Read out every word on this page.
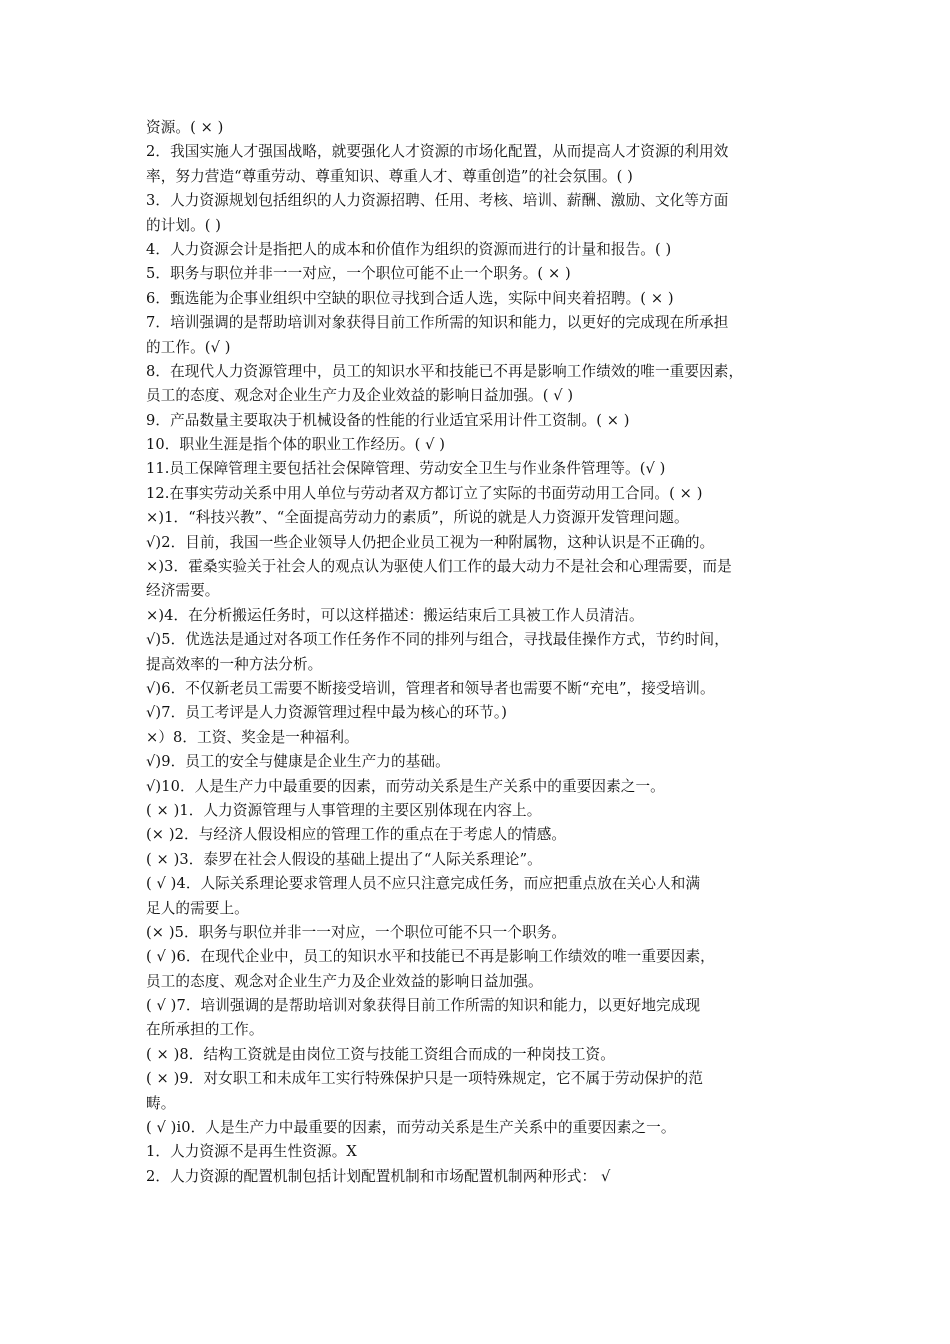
资源。( × )
2．我国实施人才强国战略，就要强化人才资源的市场化配置，从而提高人才资源的利用效
率，努力营造“尊重劳动、尊重知识、尊重人才、尊重创造”的社会氛围。( )
3．人力资源规划包括组织的人力资源招聘、任用、考核、培训、薪酬、激励、文化等方面
的计划。( )
4．人力资源会计是指把人的成本和价值作为组织的资源而进行的计量和报告。( )
5．职务与职位并非一一对应，一个职位可能不止一个职务。( × )
6．甄选能为企事业组织中空缺的职位寻找到合适人选，实际中间夹着招聘。( × )
7．培训强调的是帮助培训对象获得目前工作所需的知识和能力，以更好的完成现在所承担
的工作。(√ )
8．在现代人力资源管理中，员工的知识水平和技能已不再是影响工作绩效的唯一重要因素，
员工的态度、观念对企业生产力及企业效益的影响日益加强。( √ )
9．产品数量主要取决于机械设备的性能的行业适宜采用计件工资制。( × )
10．职业生涯是指个体的职业工作经历。( √ )
11.员工保障管理主要包括社会保障管理、劳动安全卫生与作业条件管理等。(√ )
12.在事实劳动关系中用人单位与劳动者双方都订立了实际的书面劳动用工合同。( × )
×)1．“科技兴教”、“全面提高劳动力的素质”，所说的就是人力资源开发管理问题。
√)2．目前，我国一些企业领导人仍把企业员工视为一种附属物，这种认识是不正确的。
×)3．霍桑实验关于社会人的观点认为驱使人们工作的最大动力不是社会和心理需要，而是
经济需要。
×)4．在分析搬运任务时，可以这样描述：搬运结束后工具被工作人员清洁。
√)5．优选法是通过对各项工作任务作不同的排列与组合，寻找最佳操作方式，节约时间，
提高效率的一种方法分析。
√)6．不仅新老员工需要不断接受培训，管理者和领导者也需要不断“充电”，接受培训。
√)7．员工考评是人力资源管理过程中最为核心的环节。)
×）8．工资、奖金是一种福利。
√)9．员工的安全与健康是企业生产力的基础。
√)10．人是生产力中最重要的因素，而劳动关系是生产关系中的重要因素之一。
( × )1．人力资源管理与人事管理的主要区别体现在内容上。
(× )2．与经济人假设相应的管理工作的重点在于考虑人的情感。
( × )3．泰罗在社会人假设的基础上提出了“人际关系理论”。
( √ )4．人际关系理论要求管理人员不应只注意完成任务，而应把重点放在关心人和满
足人的需要上。
(× )5．职务与职位并非一一对应，一个职位可能不只一个职务。
( √ )6．在现代企业中，员工的知识水平和技能已不再是影响工作绩效的唯一重要因素，
员工的态度、观念对企业生产力及企业效益的影响日益加强。
( √ )7．培训强调的是帮助培训对象获得目前工作所需的知识和能力，以更好地完成现
在所承担的工作。
( × )8．结构工资就是由岗位工资与技能工资组合而成的一种岗技工资。
( × )9．对女职工和未成年工实行特殊保护只是一项特殊规定，它不属于劳动保护的范
畴。
( √ )i0．人是生产力中最重要的因素，而劳动关系是生产关系中的重要因素之一。
1．人力资源不是再生性资源。X
2．人力资源的配置机制包括计划配置机制和市场配置机制两种形式： √
